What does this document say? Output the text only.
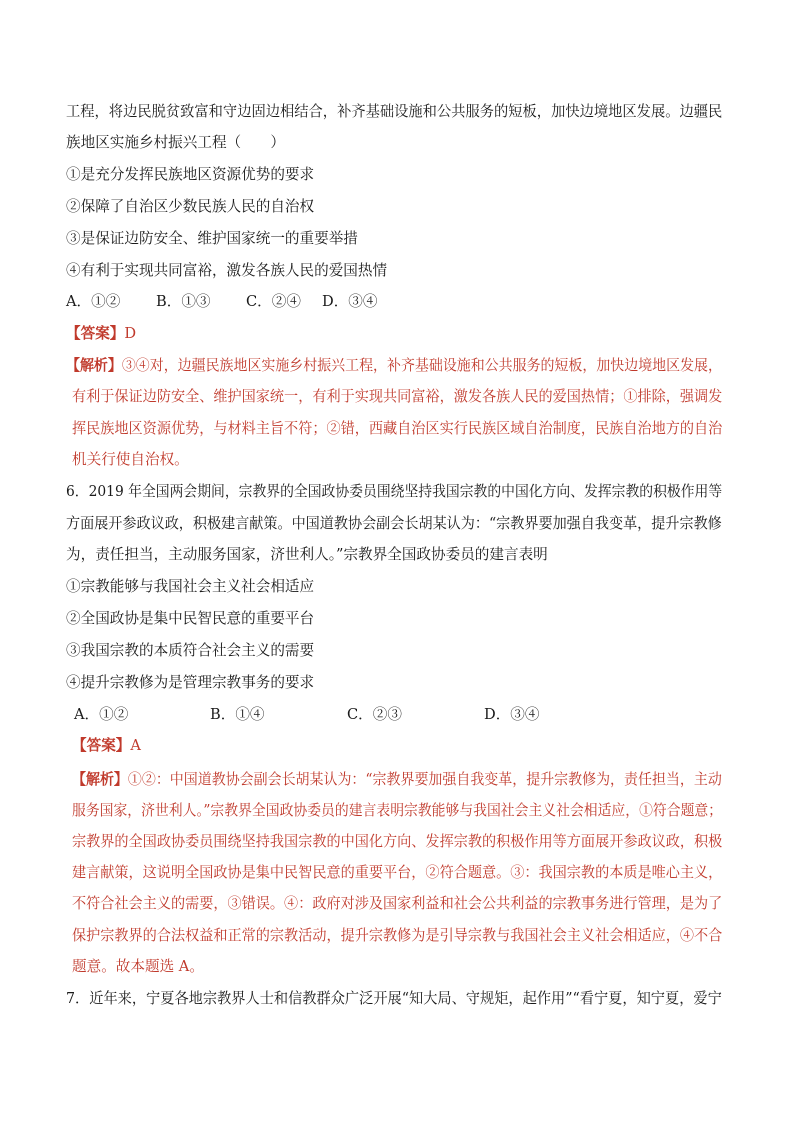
工程，将边民脱贫致富和守边固边相结合，补齐基础设施和公共服务的短板，加快边境地区发展。边疆民
族地区实施乡村振兴工程（　　）
①是充分发挥民族地区资源优势的要求
②保障了自治区少数民族人民的自治权
③是保证边防安全、维护国家统一的重要举措
④有利于实现共同富裕，激发各族人民的爱国热情
A．①② B．①③ C．②④ D．③④
【答案】D
【解析】③④对，边疆民族地区实施乡村振兴工程，补齐基础设施和公共服务的短板，加快边境地区发展，
有利于保证边防安全、维护国家统一，有利于实现共同富裕，激发各族人民的爱国热情；①排除，强调发
挥民族地区资源优势，与材料主旨不符；②错，西藏自治区实行民族区域自治制度，民族自治地方的自治
机关行使自治权。
6．2019 年全国两会期间，宗教界的全国政协委员围绕坚持我国宗教的中国化方向、发挥宗教的积极作用等
方面展开参政议政，积极建言献策。中国道教协会副会长胡某认为：“宗教界要加强自我变革，提升宗教修
为，责任担当，主动服务国家，济世利人。”宗教界全国政协委员的建言表明
①宗教能够与我国社会主义社会相适应
②全国政协是集中民智民意的重要平台
③我国宗教的本质符合社会主义的需要
④提升宗教修为是管理宗教事务的要求
A．①②	B．①④	C．②③	D．③④
【答案】A
【解析】①②：中国道教协会副会长胡某认为：“宗教界要加强自我变革，提升宗教修为，责任担当，主动
服务国家，济世利人。”宗教界全国政协委员的建言表明宗教能够与我国社会主义社会相适应，①符合题意；
宗教界的全国政协委员围绕坚持我国宗教的中国化方向、发挥宗教的积极作用等方面展开参政议政，积极
建言献策，这说明全国政协是集中民智民意的重要平台，②符合题意。③：我国宗教的本质是唯心主义，
不符合社会主义的需要，③错误。④：政府对涉及国家利益和社会公共利益的宗教事务进行管理，是为了
保护宗教界的合法权益和正常的宗教活动，提升宗教修为是引导宗教与我国社会主义社会相适应，④不合
题意。故本题选 A。
7．近年来，宁夏各地宗教界人士和信教群众广泛开展“知大局、守规矩，起作用”“看宁夏，知宁夏，爱宁
